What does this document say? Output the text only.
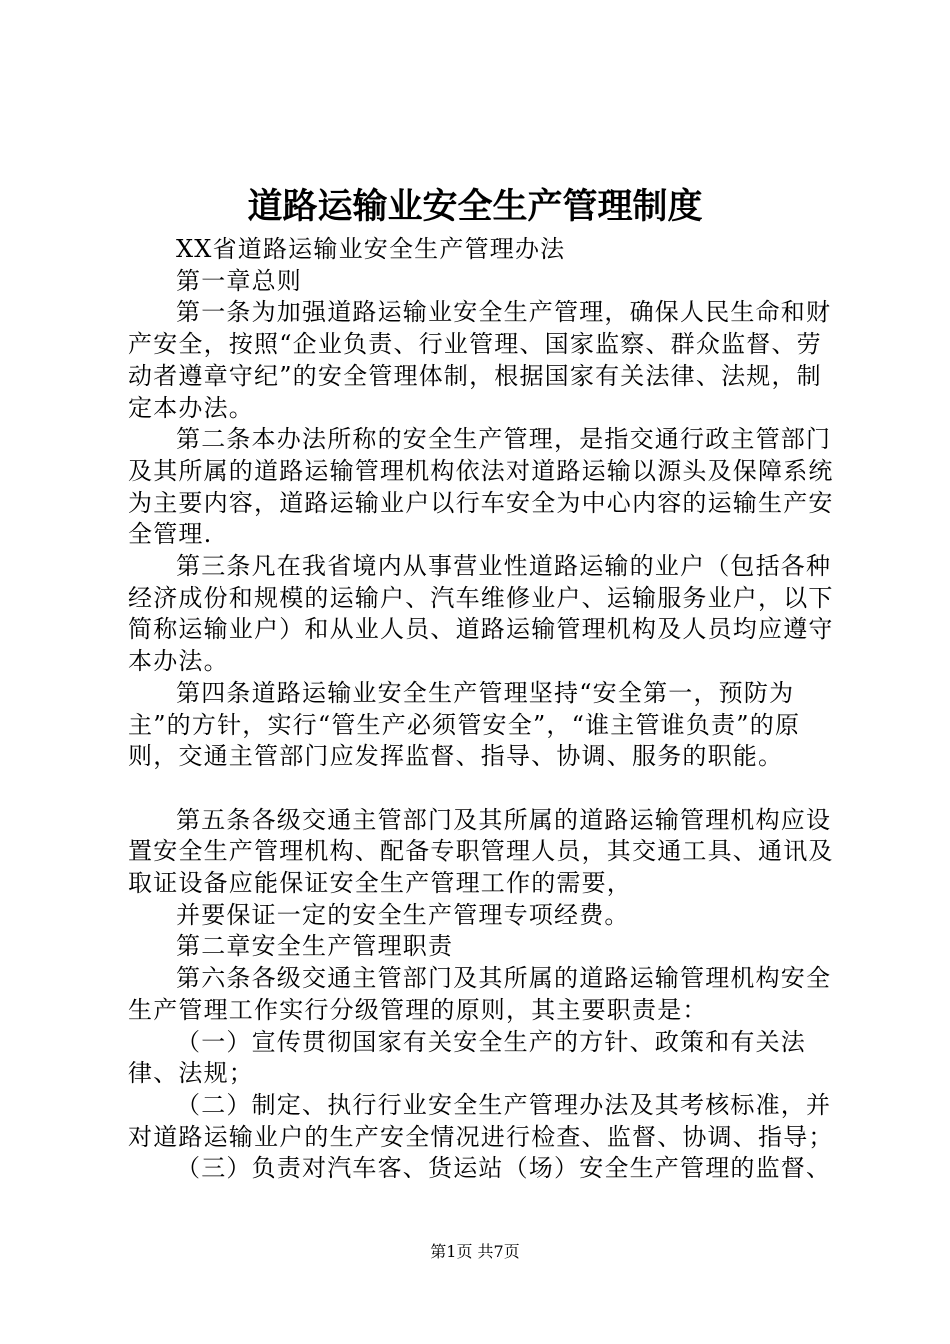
道路运输业安全生产管理制度

XX省道路运输业安全生产管理办法

第一章总则

第一条为加强道路运输业安全生产管理，确保人民生命和财产安全，按照“企业负责、行业管理、国家监察、群众监督、劳动者遵章守纪”的安全管理体制，根据国家有关法律、法规，制定本办法。

第二条本办法所称的安全生产管理，是指交通行政主管部门及其所属的道路运输管理机构依法对道路运输以源头及保障系统为主要内容，道路运输业户以行车安全为中心内容的运输生产安全管理.

第三条凡在我省境内从事营业性道路运输的业户（包括各种经济成份和规模的运输户、汽车维修业户、运输服务业户，以下简称运输业户）和从业人员、道路运输管理机构及人员均应遵守本办法。

第四条道路运输业安全生产管理坚持“安全第一，预防为主”的方针，实行“管生产必须管安全”，“谁主管谁负责”的原则，交通主管部门应发挥监督、指导、协调、服务的职能。

第五条各级交通主管部门及其所属的道路运输管理机构应设置安全生产管理机构、配备专职管理人员，其交通工具、通讯及取证设备应能保证安全生产管理工作的需要，

并要保证一定的安全生产管理专项经费。

第二章安全生产管理职责

第六条各级交通主管部门及其所属的道路运输管理机构安全生产管理工作实行分级管理的原则，其主要职责是：

（一）宣传贯彻国家有关安全生产的方针、政策和有关法律、法规；

（二）制定、执行行业安全生产管理办法及其考核标准，并对道路运输业户的生产安全情况进行检查、监督、协调、指导；

（三）负责对汽车客、货运站（场）安全生产管理的监督、

第1页 共7页
